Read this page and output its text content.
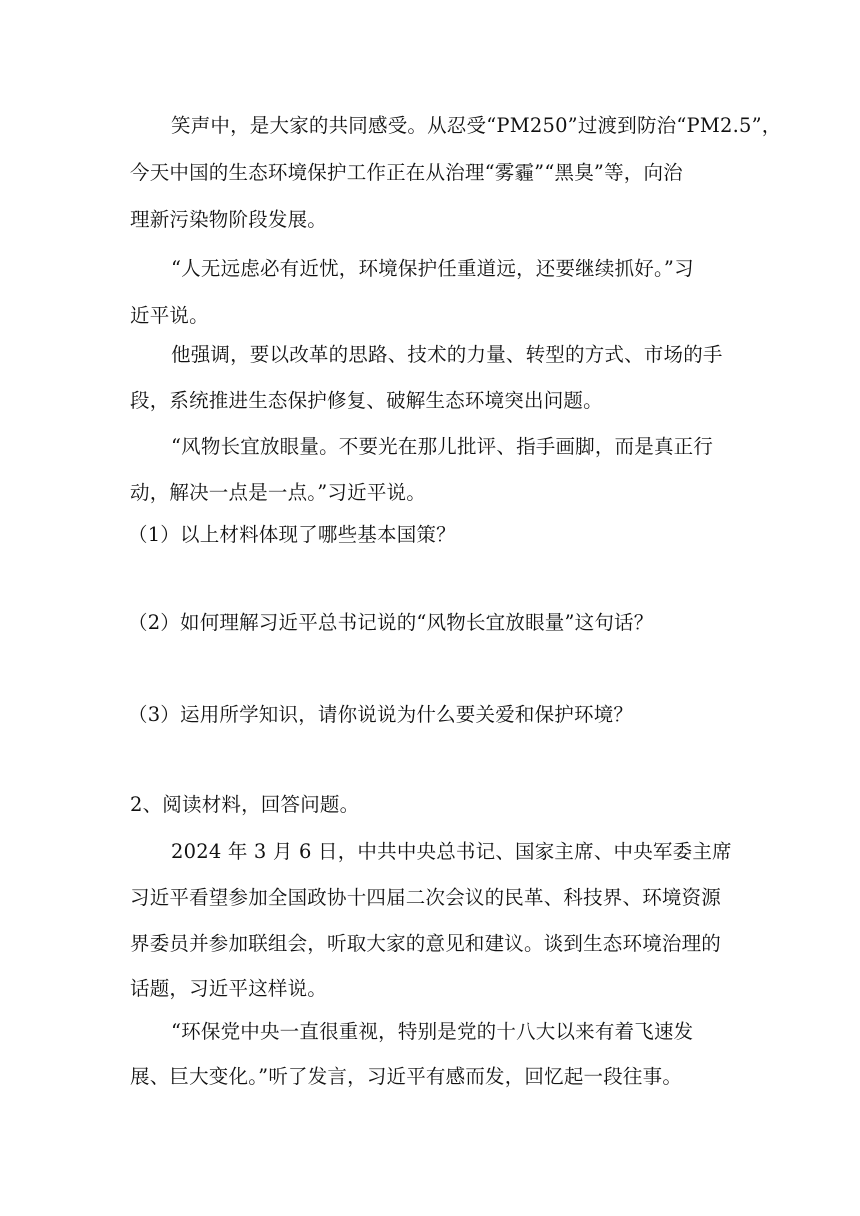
笑声中，是大家的共同感受。从忍受“PM250”过渡到防治“PM2.5”，
今天中国的生态环境保护工作正在从治理“雾霾”“黑臭”等，向治
理新污染物阶段发展。
“人无远虑必有近忧，环境保护任重道远，还要继续抓好。”习
近平说。
他强调，要以改革的思路、技术的力量、转型的方式、市场的手
段，系统推进生态保护修复、破解生态环境突出问题。
“风物长宜放眼量。不要光在那儿批评、指手画脚，而是真正行
动，解决一点是一点。”习近平说。
（1）以上材料体现了哪些基本国策？
（2）如何理解习近平总书记说的“风物长宜放眼量”这句话？
（3）运用所学知识，请你说说为什么要关爱和保护环境？
2、阅读材料，回答问题。
2024 年 3 月 6 日，中共中央总书记、国家主席、中央军委主席
习近平看望参加全国政协十四届二次会议的民革、科技界、环境资源
界委员并参加联组会，听取大家的意见和建议。谈到生态环境治理的
话题，习近平这样说。
“环保党中央一直很重视，特别是党的十八大以来有着飞速发
展、巨大变化。”听了发言，习近平有感而发，回忆起一段往事。
